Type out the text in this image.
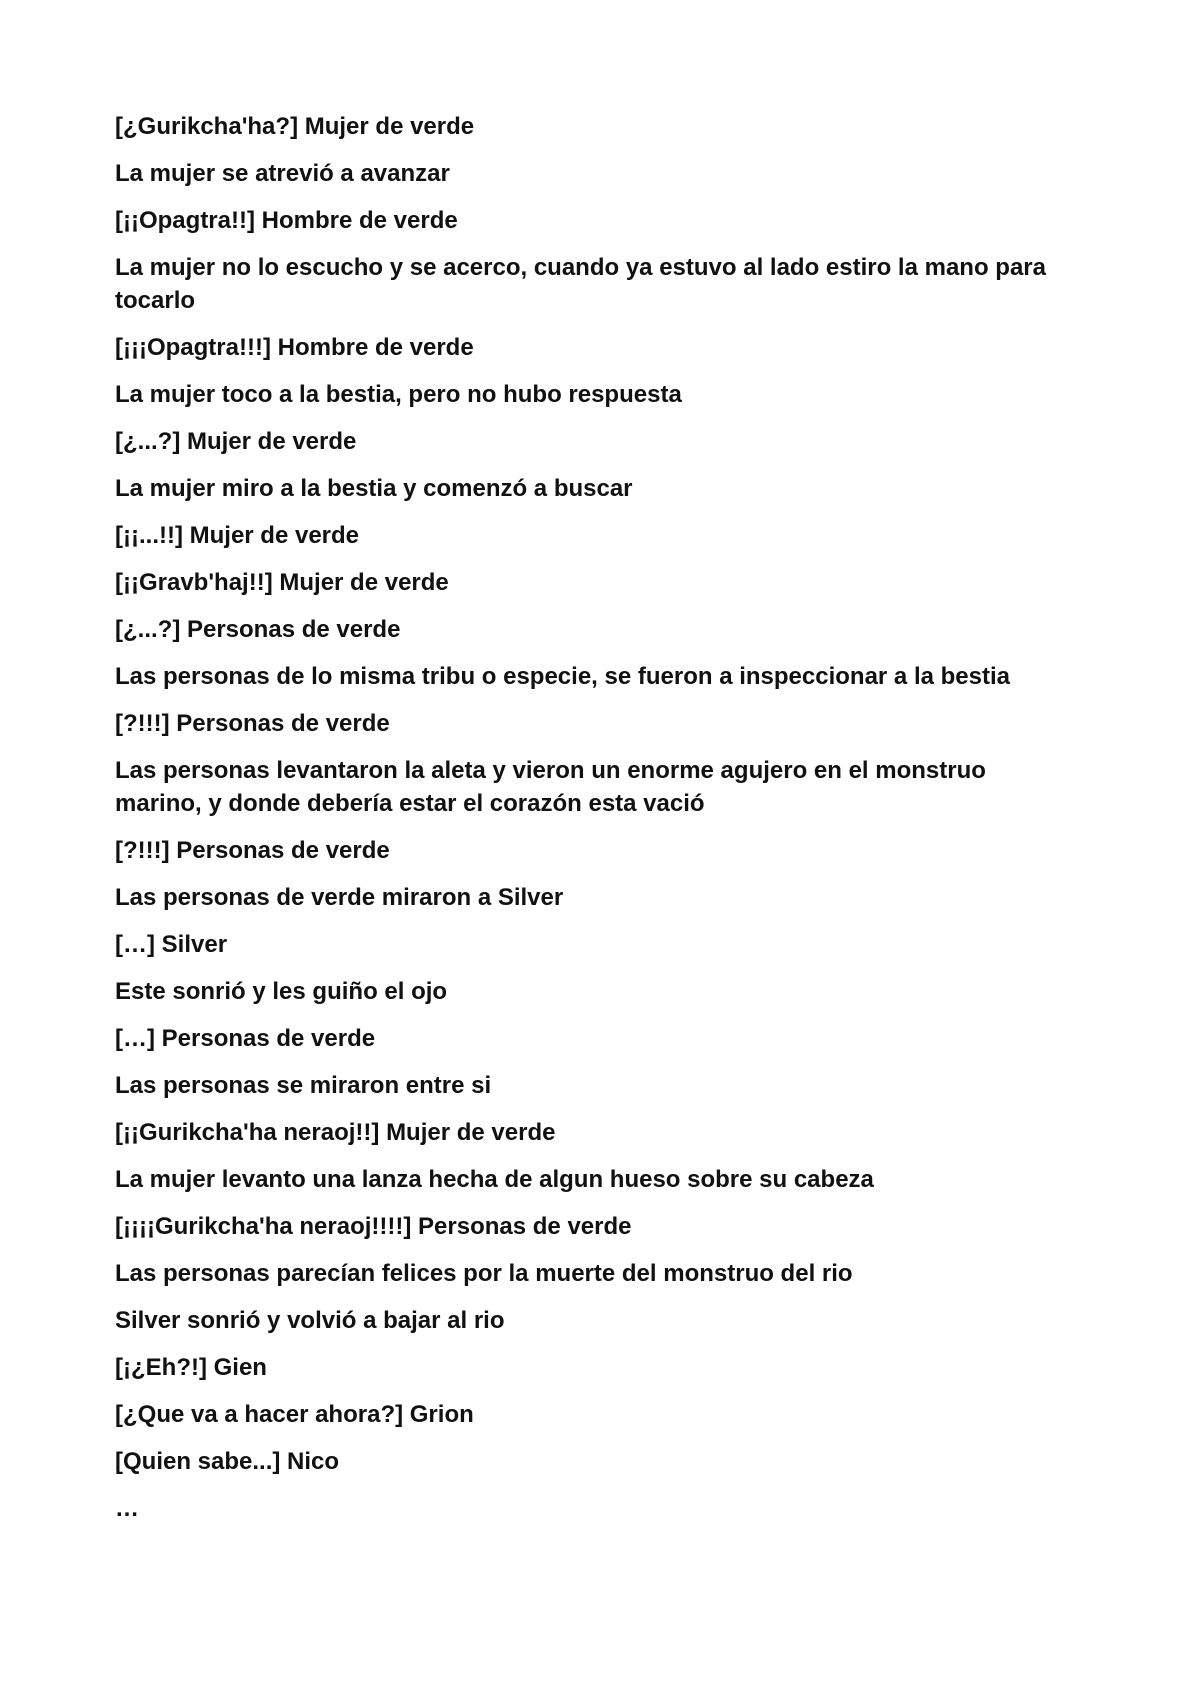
[¿Gurikcha'ha?] Mujer de verde

La mujer se atrevió a avanzar

[¡¡Opagtra!!] Hombre de verde

La mujer no lo escucho y se acerco, cuando ya estuvo al lado estiro la mano para tocarlo

[¡¡¡Opagtra!!!] Hombre de verde

La mujer toco a la bestia, pero no hubo respuesta

[¿...?] Mujer de verde

La mujer miro a la bestia y comenzó a buscar

[¡¡...!!] Mujer de verde

[¡¡Gravb'haj!!] Mujer de verde

[¿...?] Personas de verde

Las personas de lo misma tribu o especie, se fueron a inspeccionar a la bestia

[?!!!] Personas de verde

Las personas levantaron la aleta y vieron un enorme agujero en el monstruo marino, y donde debería estar el corazón esta vació

[?!!!] Personas de verde

Las personas de verde miraron a Silver

[…] Silver

Este sonrió y les guiño el ojo

[…] Personas de verde

Las personas se miraron entre si

[¡¡Gurikcha'ha neraoj!!] Mujer de verde

La mujer levanto una lanza hecha de algun hueso sobre su cabeza

[¡¡¡¡Gurikcha'ha neraoj!!!!] Personas de verde

Las personas parecían felices por la muerte del monstruo del rio

Silver sonrió y volvió a bajar al rio

[¡¿Eh?!] Gien

[¿Que va a hacer ahora?] Grion

[Quien sabe...] Nico

…
